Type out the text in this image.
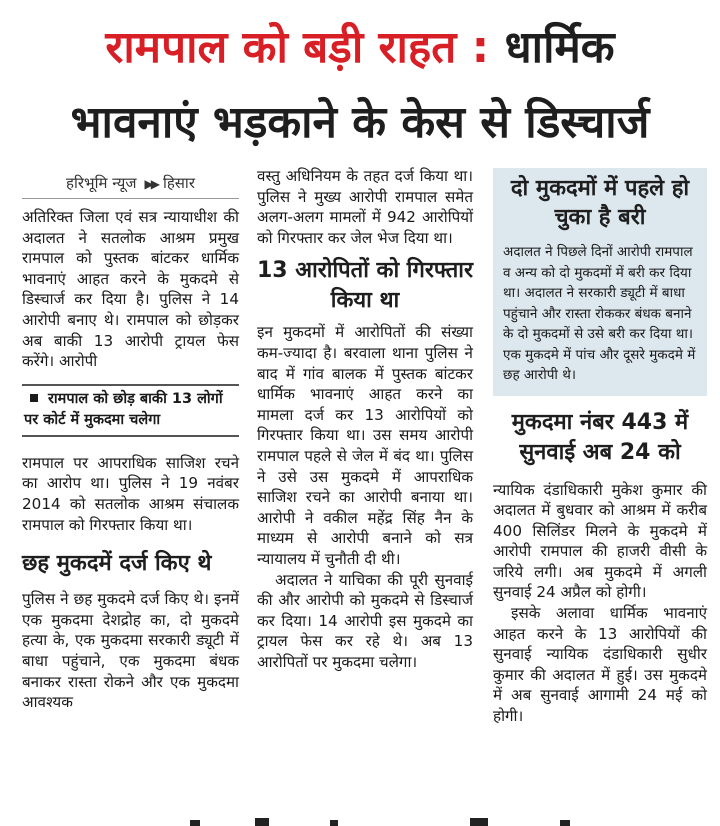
रामपाल को बड़ी राहत : धार्मिक
भावनाएं भड़काने के केस से डिस्चार्ज
हरिभूमि न्यूज ▶▶ हिसार

अतिरिक्त जिला एवं सत्र न्यायाधीश की अदालत ने सतलोक आश्रम प्रमुख रामपाल को पुस्तक बांटकर धार्मिक भावनाएं आहत करने के मुकदमे से डिस्चार्ज कर दिया है। पुलिस ने 14 आरोपी बनाए थे। रामपाल को छोड़कर अब बाकी 13 आरोपी ट्रायल फेस करेंगे। आरोपी

रामपाल को छोड़ बाकी 13 लोगों पर कोर्ट में मुकदमा चलेगा

रामपाल पर आपराधिक साजिश रचने का आरोप था। पुलिस ने 19 नवंबर 2014 को सतलोक आश्रम संचालक रामपाल को गिरफ्तार किया था।

छह मुकदमें दर्ज किए थे

पुलिस ने छह मुकदमे दर्ज किए थे। इनमें एक मुकदमा देशद्रोह का, दो मुकदमे हत्या के, एक मुकदमा सरकारी ड्यूटी में बाधा पहुंचाने, एक मुकदमा बंधक बनाकर रास्ता रोकने और एक मुकदमा आवश्यक

वस्तु अधिनियम के तहत दर्ज किया था। पुलिस ने मुख्य आरोपी रामपाल समेत अलग-अलग मामलों में 942 आरोपियों को गिरफ्तार कर जेल भेज दिया था।

13 आरोपितों को गिरफ्तार किया था

इन मुकदमों में आरोपितों की संख्या कम-ज्यादा है। बरवाला थाना पुलिस ने बाद में गांव बालक में पुस्तक बांटकर धार्मिक भावनाएं आहत करने का मामला दर्ज कर 13 आरोपियों को गिरफ्तार किया था। उस समय आरोपी रामपाल पहले से जेल में बंद था। पुलिस ने उसे उस मुकदमे में आपराधिक साजिश रचने का आरोपी बनाया था। आरोपी ने वकील महेंद्र सिंह नैन के माध्यम से आरोपी बनाने को सत्र न्यायालय में चुनौती दी थी।

अदालत ने याचिका की पूरी सुनवाई की और आरोपी को मुकदमे से डिस्चार्ज कर दिया। 14 आरोपी इस मुकदमे का ट्रायल फेस कर रहे थे। अब 13 आरोपितों पर मुकदमा चलेगा।

दो मुकदमों में पहले हो चुका है बरी

अदालत ने पिछले दिनों आरोपी रामपाल व अन्य को दो मुकदमों में बरी कर दिया था। अदालत ने सरकारी ड्यूटी में बाधा पहुंचाने और रास्ता रोककर बंधक बनाने के दो मुकदमों से उसे बरी कर दिया था। एक मुकदमे में पांच और दूसरे मुकदमे में छह आरोपी थे।

मुकदमा नंबर 443 में सुनवाई अब 24 को

न्यायिक दंडाधिकारी मुकेश कुमार की अदालत में बुधवार को आश्रम में करीब 400 सिलिंडर मिलने के मुकदमे में आरोपी रामपाल की हाजरी वीसी के जरिये लगी। अब मुकदमे में अगली सुनवाई 24 अप्रैल को होगी।

इसके अलावा धार्मिक भावनाएं आहत करने के 13 आरोपियों की सुनवाई न्यायिक दंडाधिकारी सुधीर कुमार की अदालत में हुई। उस मुकदमे में अब सुनवाई आगामी 24 मई को होगी।
